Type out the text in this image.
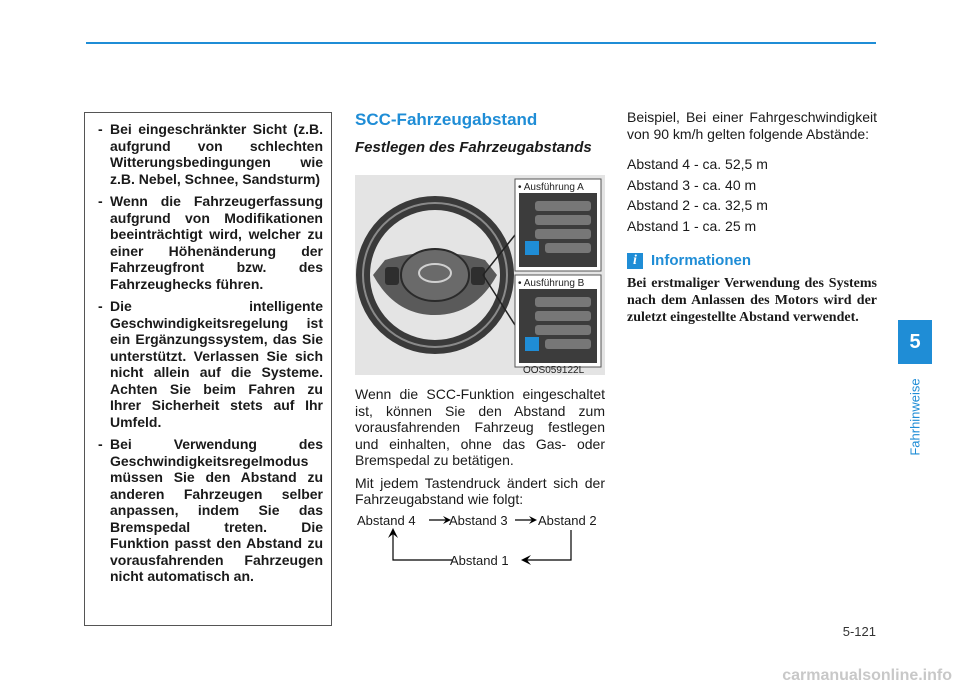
- Bei eingeschränkter Sicht (z.B. aufgrund von schlechten Witterungsbedingungen wie z.B. Nebel, Schnee, Sandsturm)
- Wenn die Fahrzeugerfassung aufgrund von Modifikationen beeinträchtigt wird, welcher zu einer Höhenänderung der Fahrzeugfront bzw. des Fahrzeughecks führen.
- Die intelligente Geschwindigkeitsregelung ist ein Ergänzungssystem, das Sie unterstützt. Verlassen Sie sich nicht allein auf die Systeme. Achten Sie beim Fahren zu Ihrer Sicherheit stets auf Ihr Umfeld.
- Bei Verwendung des Geschwindigkeitsregelmodus müssen Sie den Abstand zu anderen Fahrzeugen selber anpassen, indem Sie das Bremspedal treten. Die Funktion passt den Abstand zu vorausfahrenden Fahrzeugen nicht automatisch an.
SCC-Fahrzeugabstand
Festlegen des Fahrzeugabstands
• Ausführung A
• Ausführung B
OOS059122L

Wenn die SCC-Funktion eingeschaltet ist, können Sie den Abstand zum vorausfahrenden Fahrzeug festlegen und einhalten, ohne das Gas- oder Bremspedal zu betätigen.

Mit jedem Tastendruck ändert sich der Fahrzeugabstand wie folgt:

Abstand 4	Abstand 3 Abstand 2
Abstand 1

Beispiel, Bei einer Fahrgeschwindigkeit von 90 km/h gelten folgende Abstände:

Abstand 4 - ca. 52,5 m
Abstand 3 - ca. 40 m
Abstand 2 - ca. 32,5 m
Abstand 1 - ca. 25 m
i Informationen
Bei erstmaliger Verwendung des Systems nach dem Anlassen des Motors wird der zuletzt eingestellte Abstand verwendet.
5
Fahrhinweise
5-121
carmanualsonline.info
